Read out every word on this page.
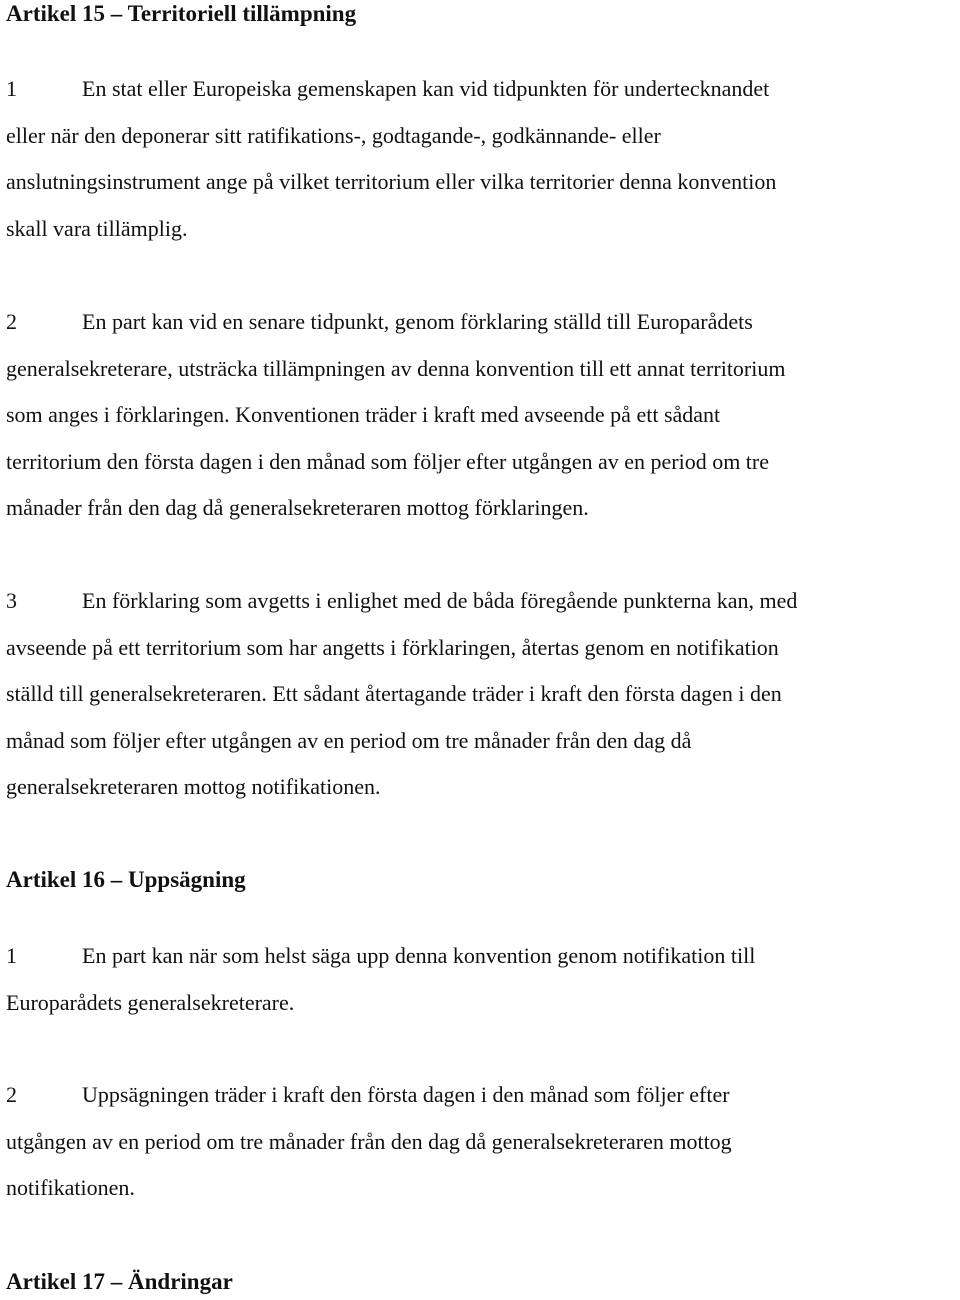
Artikel 15 – Territoriell tillämpning
1	En stat eller Europeiska gemenskapen kan vid tidpunkten för undertecknandet
eller när den deponerar sitt ratifikations-, godtagande-, godkännande- eller
anslutningsinstrument ange på vilket territorium eller vilka territorier denna konvention
skall vara tillämplig.
2	En part kan vid en senare tidpunkt, genom förklaring ställd till Europarådets
generalsekreterare, utsträcka tillämpningen av denna konvention till ett annat territorium
som anges i förklaringen. Konventionen träder i kraft med avseende på ett sådant
territorium den första dagen i den månad som följer efter utgången av en period om tre
månader från den dag då generalsekreteraren mottog förklaringen.
3	En förklaring som avgetts i enlighet med de båda föregående punkterna kan, med
avseende på ett territorium som har angetts i förklaringen, återtas genom en notifikation
ställd till generalsekreteraren. Ett sådant återtagande träder i kraft den första dagen i den
månad som följer efter utgången av en period om tre månader från den dag då
generalsekreteraren mottog notifikationen.
Artikel 16 – Uppsägning
1	En part kan när som helst säga upp denna konvention genom notifikation till
Europarådets generalsekreterare.
2	Uppsägningen träder i kraft den första dagen i den månad som följer efter
utgången av en period om tre månader från den dag då generalsekreteraren mottog
notifikationen.
Artikel 17 – Ändringar
